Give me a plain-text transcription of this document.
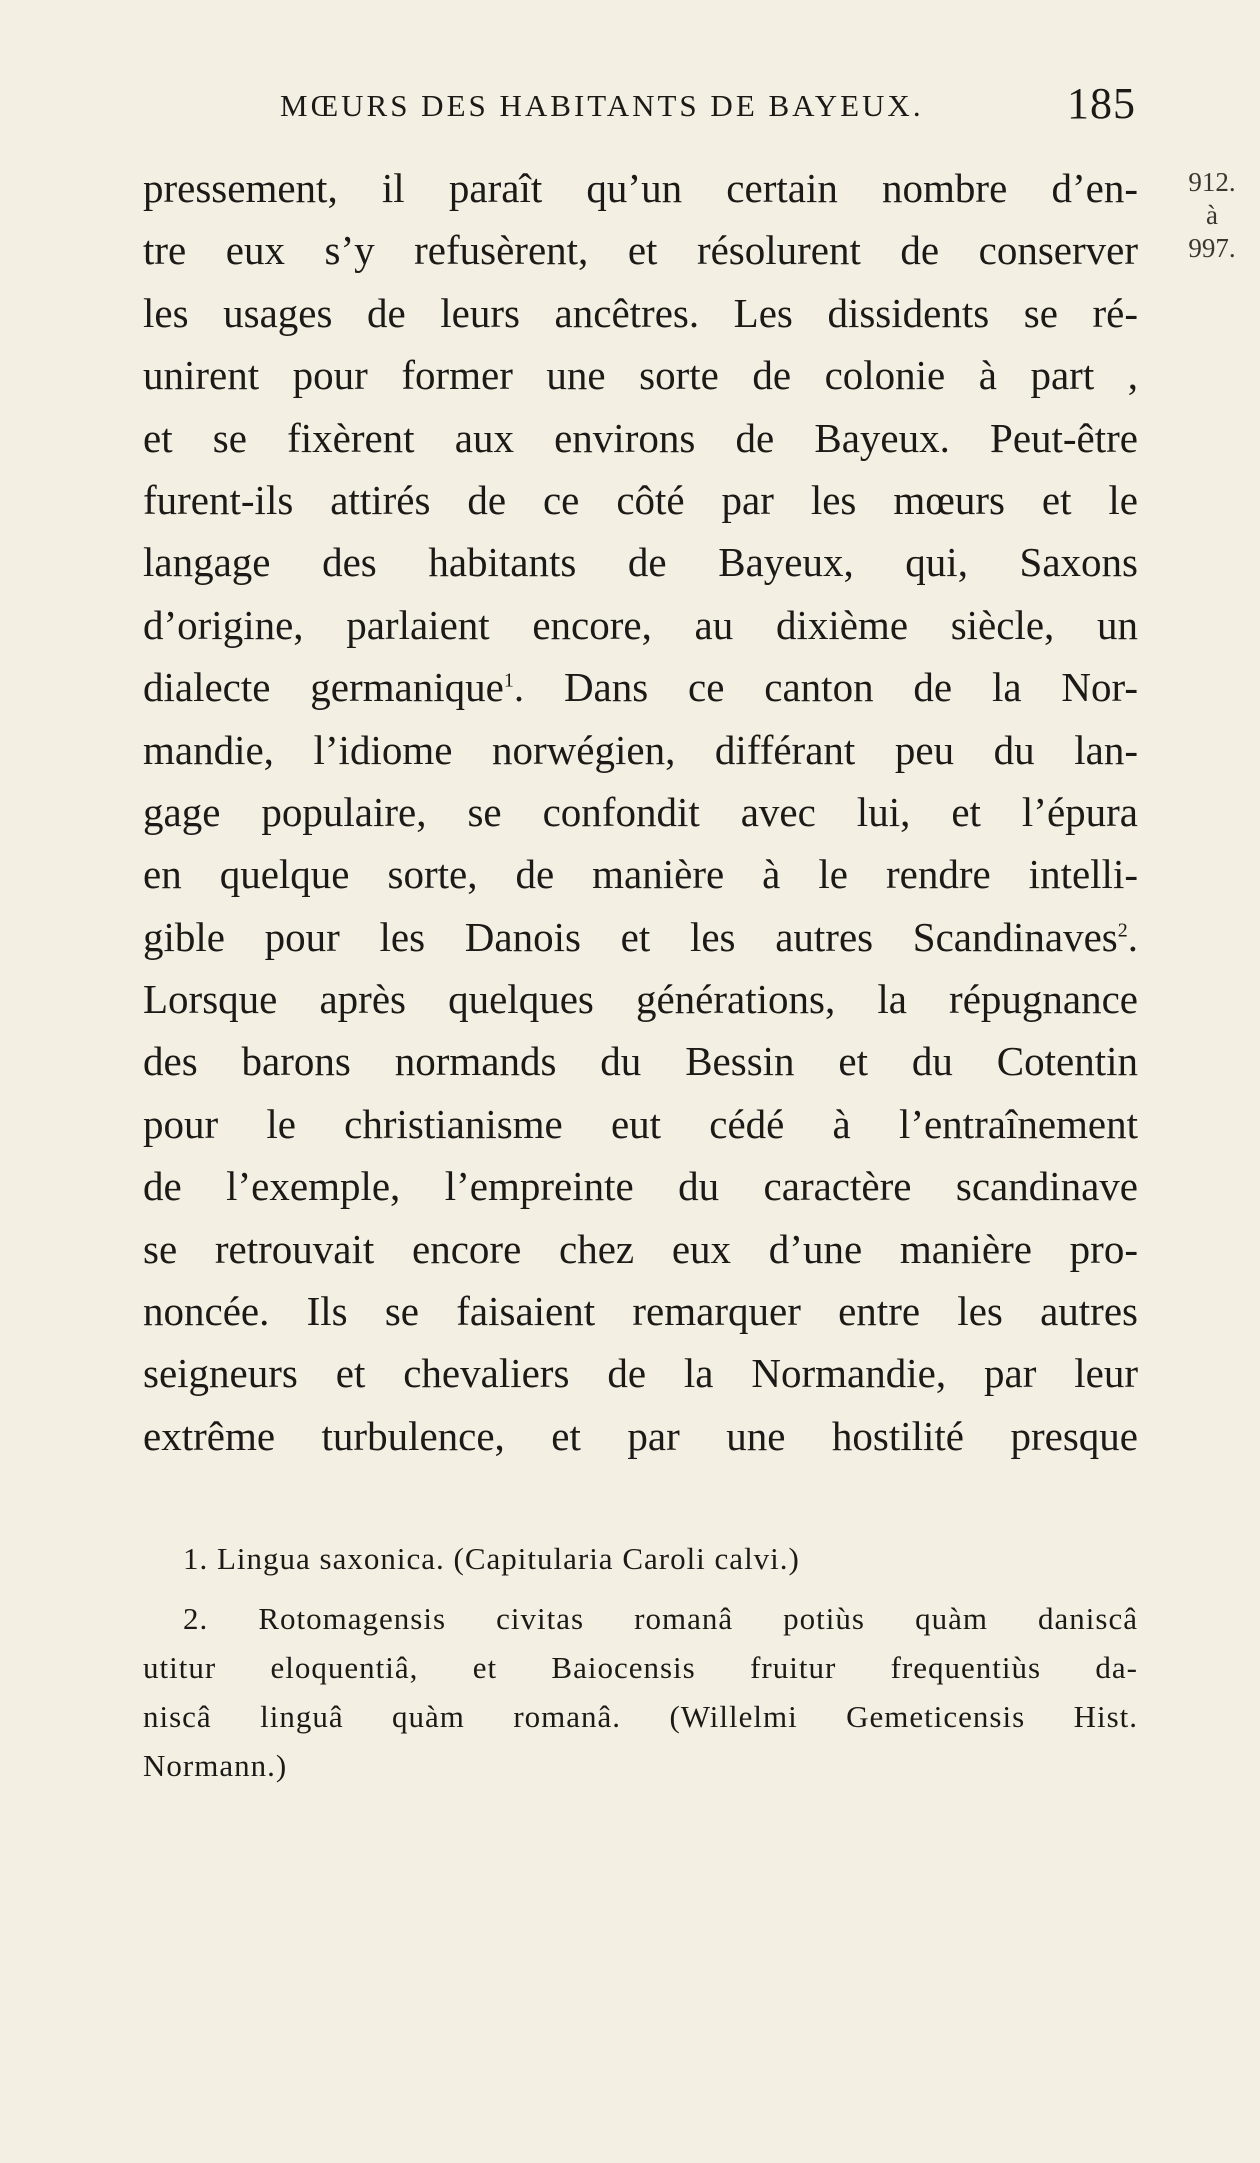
MŒURS DES HABITANTS DE BAYEUX.	185
912.
à
997.
pressement, il paraît qu’un certain nombre d’en-
tre eux s’y refusèrent, et résolurent de conserver
les usages de leurs ancêtres. Les dissidents se ré-
unirent pour former une sorte de colonie à part ,
et se fixèrent aux environs de Bayeux. Peut-être
furent-ils attirés de ce côté par les mœurs et le
langage des habitants de Bayeux, qui, Saxons
d’origine, parlaient encore, au dixième siècle, un
dialecte germanique$^1$. Dans ce canton de la Nor-
mandie, l’idiome norwégien, différant peu du lan-
gage populaire, se confondit avec lui, et l’épura
en quelque sorte, de manière à le rendre intelli-
gible pour les Danois et les autres Scandinaves$^2$.
Lorsque après quelques générations, la répugnance
des barons normands du Bessin et du Cotentin
pour le christianisme eut cédé à l’entraînement
de l’exemple, l’empreinte du caractère scandinave
se retrouvait encore chez eux d’une manière pro-
noncée. Ils se faisaient remarquer entre les autres
seigneurs et chevaliers de la Normandie, par leur
extrême turbulence, et par une hostilité presque
1. Lingua saxonica. (Capitularia Caroli calvi.)
2. Rotomagensis civitas romanâ potiùs quàm daniscâ
utitur eloquentiâ, et Baiocensis fruitur frequentiùs da-
niscâ linguâ quàm romanâ. (Willelmi Gemeticensis Hist.
Normann.)
